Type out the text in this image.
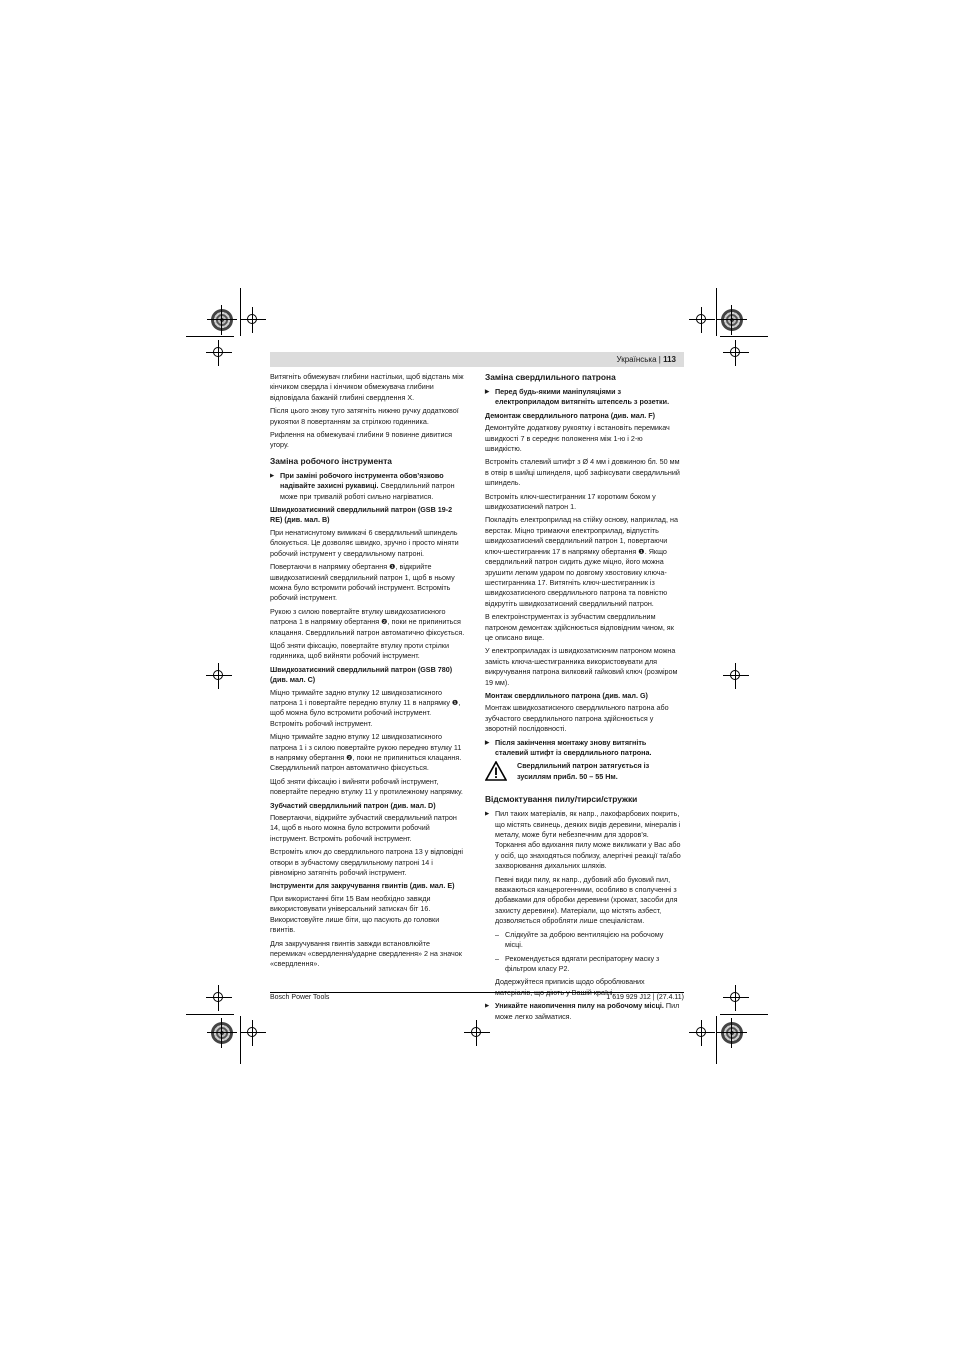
Українська | 113

Витягніть обмежувач глибини настільки, щоб відстань між кінчиком свердла і кінчиком обмежувача глибини відповідала бажаній глибині свердлення X.

Після цього знову туго затягніть нижню ручку додаткової рукоятки 8 повертанням за стрілкою годинника.

Рифлення на обмежувачі глибини 9 повинне дивитися угору.

Заміна робочого інструмента
▶ При заміні робочого інструмента обов’язково надівайте захисні рукавиці. Свердлильний патрон може при тривалій роботі сильно нагріватися.
Швидкозатискний свердлильний патрон (GSB 19-2 RE) (див. мал. B)

При ненатиснутому вимикачі 6 свердлильний шпиндель блокується. Це дозволяє швидко, зручно і просто міняти робочий інструмент у свердлильному патроні.

Повертаючи в напрямку обертання ❶, відкрийте швидкозатискний свердлильний патрон 1, щоб в ньому можна було встромити робочий інструмент. Встроміть робочий інструмент.

Рукою з силою повертайте втулку швидкозатискного патрона 1 в напрямку обертання ❷, поки не припиниться клацання. Свердлильний патрон автоматично фіксується.

Щоб зняти фіксацію, повертайте втулку проти стрілки годинника, щоб вийняти робочий інструмент.

Швидкозатискний свердлильний патрон (GSB 780) (див. мал. C)

Міцно тримайте задню втулку 12 швидкозатискного патрона 1 і повертайте передню втулку 11 в напрямку ❶, щоб можна було встромити робочий інструмент. Встроміть робочий інструмент.

Міцно тримайте задню втулку 12 швидкозатискного патрона 1 і з силою повертайте рукою передню втулку 11 в напрямку обертання ❷, поки не припиниться клацання. Свердлильний патрон автоматично фіксується.

Щоб зняти фіксацію і вийняти робочий інструмент, повертайте передню втулку 11 у протилежному напрямку.

Зубчастий свердлильний патрон (див. мал. D)

Повертаючи, відкрийте зубчастий свердлильний патрон 14, щоб в нього можна було встромити робочий інструмент. Встроміть робочий інструмент.

Встроміть ключ до свердлильного патрона 13 у відповідні отвори в зубчастому свердлильному патроні 14 і рівномірно затягніть робочий інструмент.

Інструменти для закручування гвинтів (див. мал. E)

При використанні біти 15 Вам необхідно завжди використовувати універсальний затискач біт 16. Використовуйте лише біти, що пасують до головки гвинтів.

Для закручування гвинтів завжди встановлюйте перемикач «свердлення/ударне свердлення» 2 на значок «свердлення».

Заміна свердлильного патрона
▶ Перед будь-якими маніпуляціями з електроприладом витягніть штепсель з розетки.
Демонтаж свердлильного патрона (див. мал. F)

Демонтуйте додаткову рукоятку і встановіть перемикач швидкості 7 в середнє положення між 1-ю і 2-ю швидкістю.

Встроміть сталевий штифт з Ø 4 мм і довжиною бл. 50 мм в отвір в шийці шпинделя, щоб зафіксувати свердлильний шпиндель.

Встроміть ключ-шестигранник 17 коротким боком у швидкозатискний патрон 1.

Покладіть електроприлад на стійку основу, наприклад, на верстак. Міцно тримаючи електроприлад, відпустіть швидкозатискний свердлильний патрон 1, повертаючи ключ-шестигранник 17 в напрямку обертання ❶. Якщо свердлильний патрон сидить дуже міцно, його можна зрушити легким ударом по довгому хвостовику ключа-шестигранника 17. Витягніть ключ-шестигранник із швидкозатискного свердлильного патрона та повністю відкрутіть швидкозатискний свердлильний патрон.

В електроінструментах із зубчастим свердлильним патроном демонтаж здійснюється відповідним чином, як це описано вище.

У електроприладах із швидкозатискним патроном можна замість ключа-шестигранника використовувати для викручування патрона вилковий гайковий ключ (розміром 19 мм).

Монтаж свердлильного патрона (див. мал. G)

Монтаж швидкозатискного свердлильного патрона або зубчастого свердлильного патрона здійснюється у зворотній послідовності.

▶ Після закінчення монтажу знову витягніть сталевий штифт із свердлильного патрона.
Свердлильний патрон затягується із зусиллям прибл. 50 – 55 Нм.
Відсмоктування пилу/тирси/стружки
▶ Пил таких матеріалів, як напр., лакофарбових покрить, що містять свинець, деяких видів деревини, мінералів і металу, може бути небезпечним для здоров’я. Торкання або вдихання пилу може викликати у Вас або у осіб, що знаходяться поблизу, алергічні реакції та/або захворювання дихальних шляхів.

Певні види пилу, як напр., дубовий або буковий пил, вважаються канцерогенними, особливо в сполученні з добавками для обробки деревини (хромат, засоби для захисту деревини). Матеріали, що містять азбест, дозволяється обробляти лише спеціалістам.

– Слідкуйте за доброю вентиляцією на робочому місці.

– Рекомендується вдягати респіраторну маску з фільтром класу P2.

Додержуйтеся приписів щодо оброблюваних

▶ Уникайте накопичення пилу на робочому місці. Пил може легко займатися.
Bosch Power Tools	1 619 929 J12 | (27.4.11)
